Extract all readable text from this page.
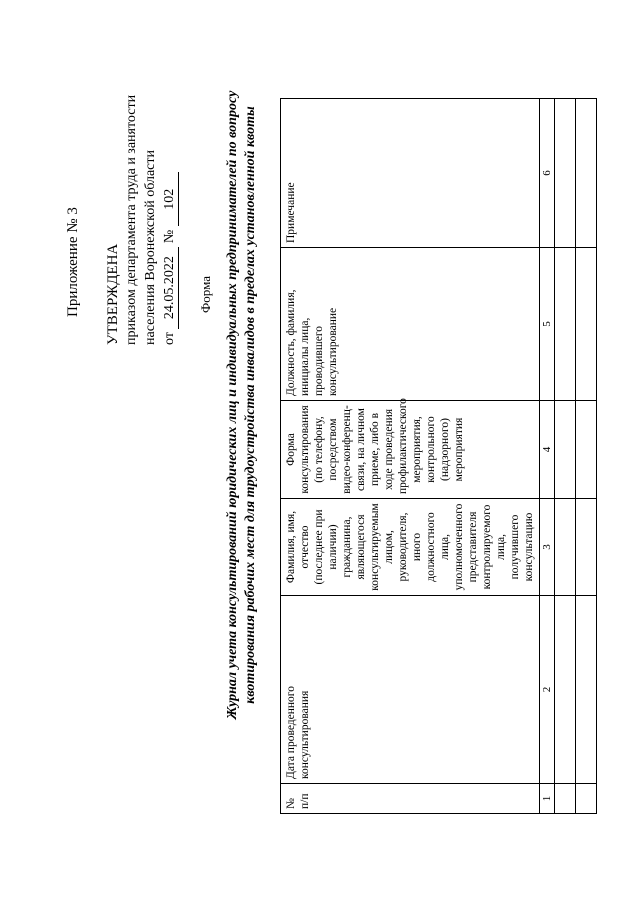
Приложение № 3 УТВЕРЖДЕНА приказом департамента труда и занятости населения Воронежской области от 24.05.2022 № 102
Форма Журнал учета консультирований юридических лиц и индивидуальных предпринимателей по вопросу квотирования рабочих мест для трудоустройства инвалидов в пределах установленной квоты
№ п/п	Дата проведенного консультирования	Фамилия, имя, отчество (последнее при наличии) гражданина, являющегося консультируемым лицом, руководителя, иного должностного лица, уполномоченного представителя контролируемого лица, получившего консультацию	Форма консультирования (по телефону, посредством видео-конференц-связи, на личном приеме, либо в ходе проведения профилактического мероприятия, контрольного (надзорного) мероприятия	Должность, фамилия, инициалы лица, проводившего консультирование	Примечание
1	2	3	4	5	6
